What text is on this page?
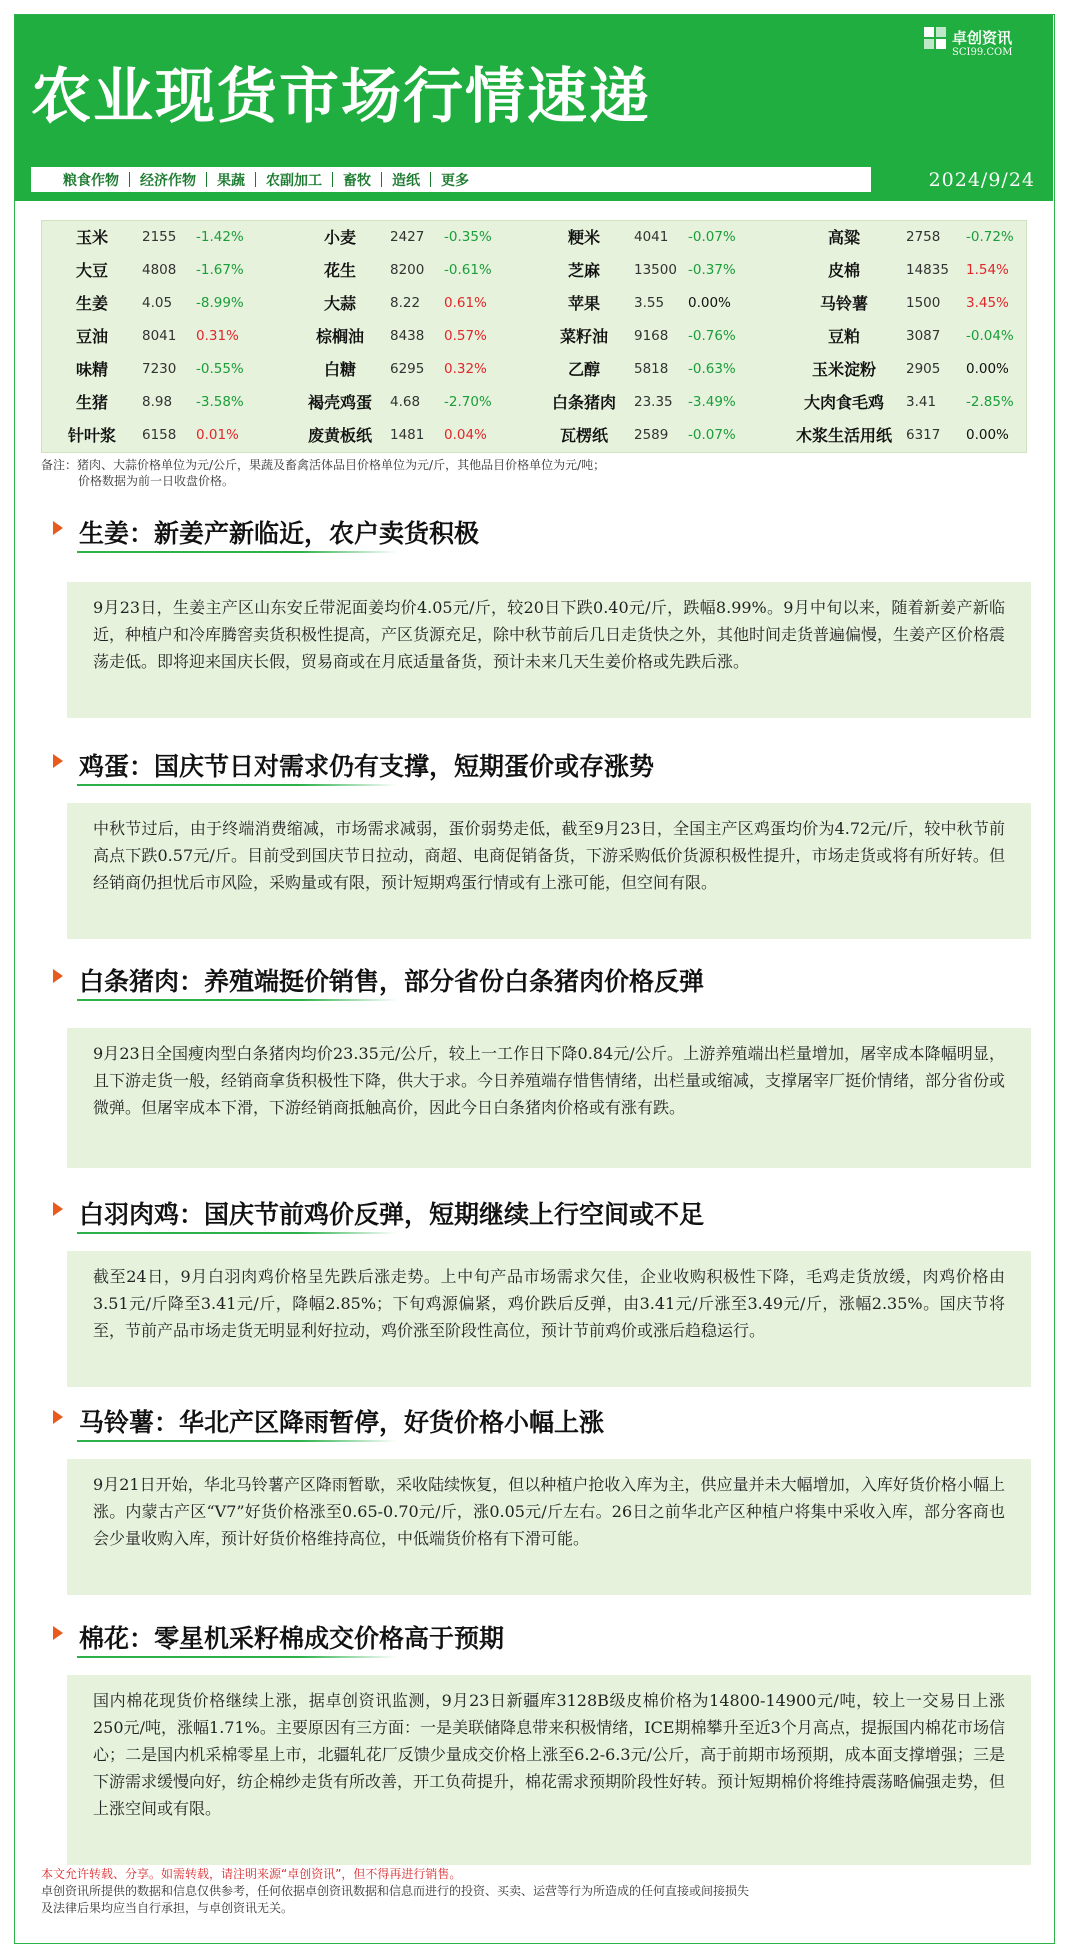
农业现货市场行情速递
卓创资讯
SCI99.COM
粮食作物	经济作物	果蔬	农副加工	畜牧	造纸	更多	2024/9/24
玉米	2155 -1.42%	小麦	2427 -0.35%	粳米	4041 -0.07%	高粱	2758 -0.72%
大豆	4808 -1.67%	花生	8200 -0.61%	芝麻	13500 -0.37%	皮棉	14835 1.54%
生姜	4.05 -8.99%	大蒜	8.22 0.61%	苹果	3.55 0.00%	马铃薯	1500 3.45%
豆油	8041 0.31%	棕榈油	8438 0.57%	菜籽油	9168 -0.76%	豆粕	3087 -0.04%
味精	7230 -0.55%	白糖	6295 0.32%	乙醇	5818 -0.63%	玉米淀粉	2905 0.00%
生猪	8.98 -3.58%	褐壳鸡蛋	4.68 -2.70%	白条猪肉	23.35 -3.49%	大肉食毛鸡	3.41 -2.85%
针叶浆	6158 0.01%	废黄板纸	1481 0.04%	瓦楞纸	2589 -0.07%	木浆生活用纸	6317 0.00%
备注：猪肉、大蒜价格单位为元/公斤，果蔬及畜禽活体品目价格单位为元/斤，其他品目价格单位为元/吨；
价格数据为前一日收盘价格。
生姜：新姜产新临近，农户卖货积极
9月23日，生姜主产区山东安丘带泥面姜均价4.05元/斤，较20日下跌0.40元/斤，跌幅8.99%。9月中旬以来，随着新姜产新临近，种植户和冷库腾窖卖货积极性提高，产区货源充足，除中秋节前后几日走货快之外，其他时间走货普遍偏慢，生姜产区价格震荡走低。即将迎来国庆长假，贸易商或在月底适量备货，预计未来几天生姜价格或先跌后涨。
鸡蛋：国庆节日对需求仍有支撑，短期蛋价或存涨势
中秋节过后，由于终端消费缩减，市场需求减弱，蛋价弱势走低，截至9月23日，全国主产区鸡蛋均价为4.72元/斤，较中秋节前高点下跌0.57元/斤。目前受到国庆节日拉动，商超、电商促销备货，下游采购低价货源积极性提升，市场走货或将有所好转。但经销商仍担忧后市风险，采购量或有限，预计短期鸡蛋行情或有上涨可能，但空间有限。
白条猪肉：养殖端挺价销售，部分省份白条猪肉价格反弹
9月23日全国瘦肉型白条猪肉均价23.35元/公斤，较上一工作日下降0.84元/公斤。上游养殖端出栏量增加，屠宰成本降幅明显，且下游走货一般，经销商拿货积极性下降，供大于求。今日养殖端存惜售情绪，出栏量或缩减，支撑屠宰厂挺价情绪，部分省份或微弹。但屠宰成本下滑，下游经销商抵触高价，因此今日白条猪肉价格或有涨有跌。
白羽肉鸡：国庆节前鸡价反弹，短期继续上行空间或不足
截至24日，9月白羽肉鸡价格呈先跌后涨走势。上中旬产品市场需求欠佳，企业收购积极性下降，毛鸡走货放缓，肉鸡价格由3.51元/斤降至3.41元/斤，降幅2.85%；下旬鸡源偏紧，鸡价跌后反弹，由3.41元/斤涨至3.49元/斤，涨幅2.35%。国庆节将至，节前产品市场走货无明显利好拉动，鸡价涨至阶段性高位，预计节前鸡价或涨后趋稳运行。
马铃薯：华北产区降雨暂停，好货价格小幅上涨
9月21日开始，华北马铃薯产区降雨暂歇，采收陆续恢复，但以种植户抢收入库为主，供应量并未大幅增加，入库好货价格小幅上涨。内蒙古产区“V7”好货价格涨至0.65-0.70元/斤，涨0.05元/斤左右。26日之前华北产区种植户将集中采收入库，部分客商也会少量收购入库，预计好货价格维持高位，中低端货价格有下滑可能。
棉花：零星机采籽棉成交价格高于预期
国内棉花现货价格继续上涨，据卓创资讯监测，9月23日新疆库3128B级皮棉价格为14800-14900元/吨，较上一交易日上涨250元/吨，涨幅1.71%。主要原因有三方面：一是美联储降息带来积极情绪，ICE期棉攀升至近3个月高点，提振国内棉花市场信心；二是国内机采棉零星上市，北疆轧花厂反馈少量成交价格上涨至6.2-6.3元/公斤，高于前期市场预期，成本面支撑增强；三是下游需求缓慢向好，纺企棉纱走货有所改善，开工负荷提升，棉花需求预期阶段性好转。预计短期棉价将维持震荡略偏强走势，但上涨空间或有限。
本文允许转载、分享。如需转载，请注明来源“卓创资讯”，但不得再进行销售。
卓创资讯所提供的数据和信息仅供参考，任何依据卓创资讯数据和信息而进行的投资、买卖、运营等行为所造成的任何直接或间接损失
及法律后果均应当自行承担，与卓创资讯无关。
